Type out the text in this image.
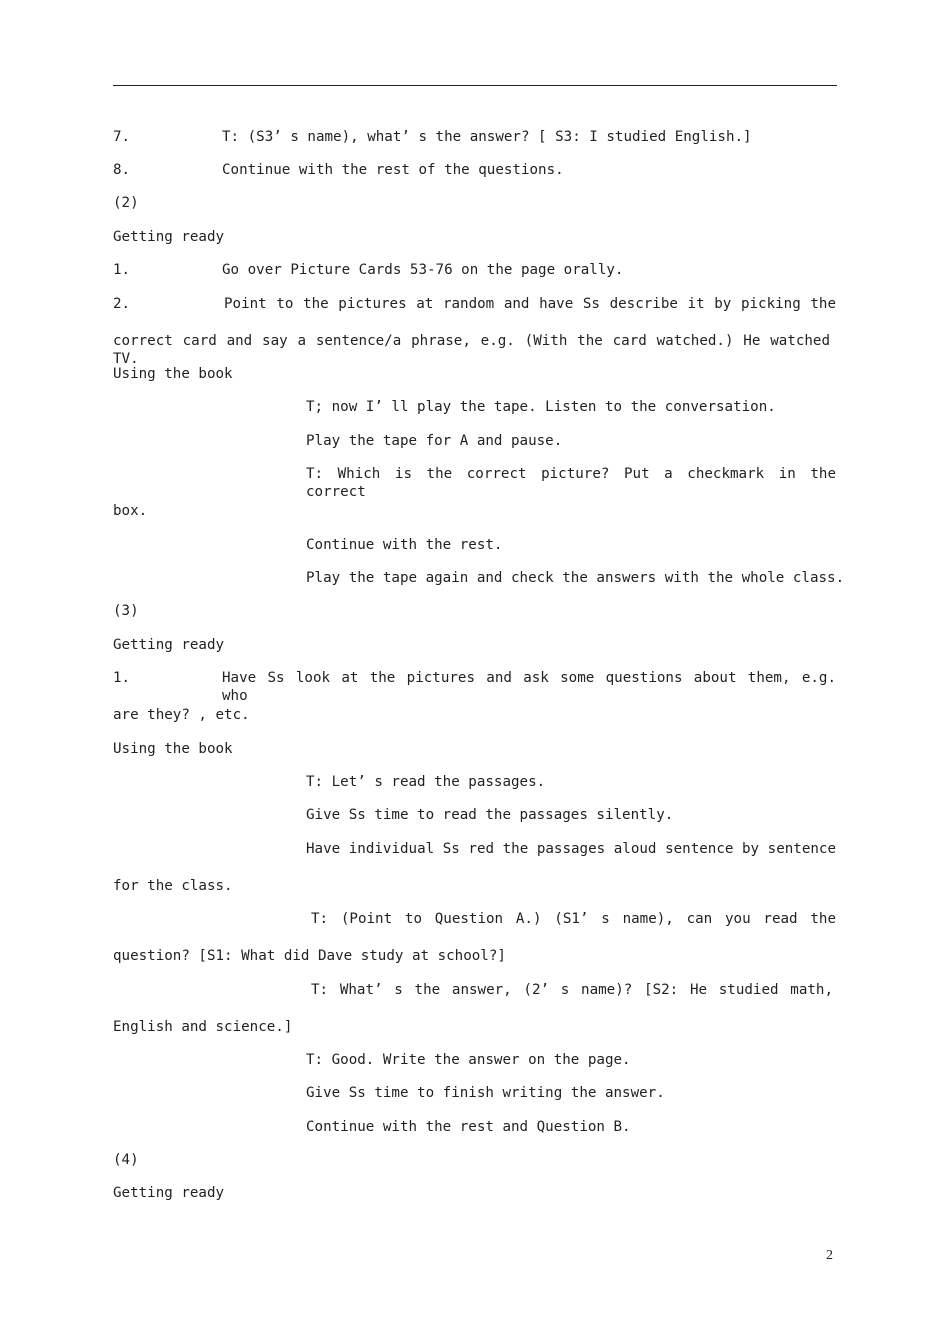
7.	T: (S3’ s name), what’ s the answer? [ S3: I studied English.]
8.	Continue with the rest of the questions.
(2)
Getting ready
1.	Go over Picture Cards 53-76 on the page orally.
2.	Point to the pictures at random and have Ss describe it by picking the
correct card and say a sentence/a phrase, e.g. (With the card watched.) He watched TV.
Using the book
T; now I’ ll play the tape. Listen to the conversation.
Play the tape for A and pause.
T: Which is the correct picture? Put a checkmark in the correct
box.
Continue with the rest.
Play the tape again and check the answers with the whole class.
(3)
Getting ready
1.	Have Ss look at the pictures and ask some questions about them, e.g. who
are they? , etc.
Using the book
T: Let’ s read the passages.
Give Ss time to read the passages silently.
Have individual Ss red the passages aloud sentence by sentence
for the class.
T: (Point to Question A.) (S1’ s name), can you read the
question? [S1: What did Dave study at school?]
T: What’ s the answer, (2’ s name)? [S2: He studied math,
English and science.]
T: Good. Write the answer on the page.
Give Ss time to finish writing the answer.
Continue with the rest and Question B.
(4)
Getting ready
2
